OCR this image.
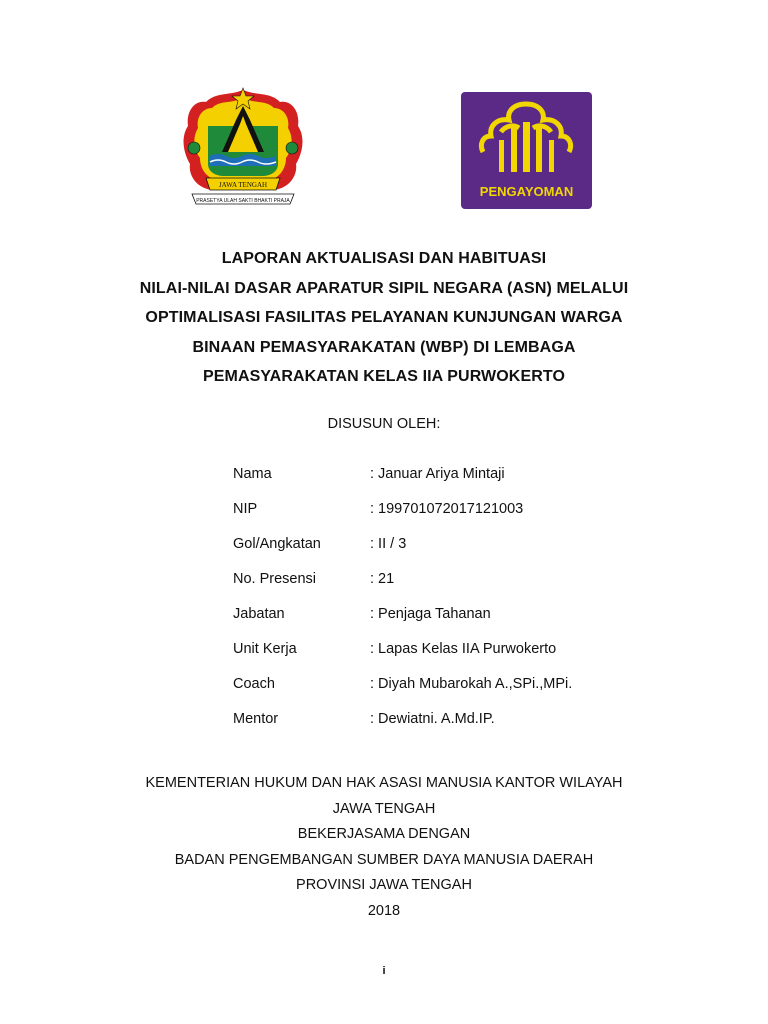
JAWA TENGAH
PRASETYA ULAH SAKTI BHAKTI PRAJA
PENGAYOMAN
LAPORAN AKTUALISASI DAN HABITUASI
NILAI-NILAI DASAR APARATUR SIPIL NEGARA (ASN) MELALUI
OPTIMALISASI FASILITAS PELAYANAN KUNJUNGAN WARGA
BINAAN PEMASYARAKATAN (WBP) DI LEMBAGA
PEMASYARAKATAN KELAS IIA PURWOKERTO
DISUSUN OLEH:
Nama	: Januar Ariya Mintaji
NIP	: 199701072017121003
Gol/Angkatan	: II / 3
No. Presensi	: 21
Jabatan	: Penjaga Tahanan
Unit Kerja	: Lapas Kelas IIA Purwokerto
Coach	: Diyah Mubarokah A.,SPi.,MPi.
Mentor	: Dewiatni. A.Md.IP.
KEMENTERIAN HUKUM DAN HAK ASASI MANUSIA KANTOR WILAYAH
JAWA TENGAH
BEKERJASAMA DENGAN
BADAN PENGEMBANGAN SUMBER DAYA MANUSIA DAERAH
PROVINSI JAWA TENGAH
2018
i
